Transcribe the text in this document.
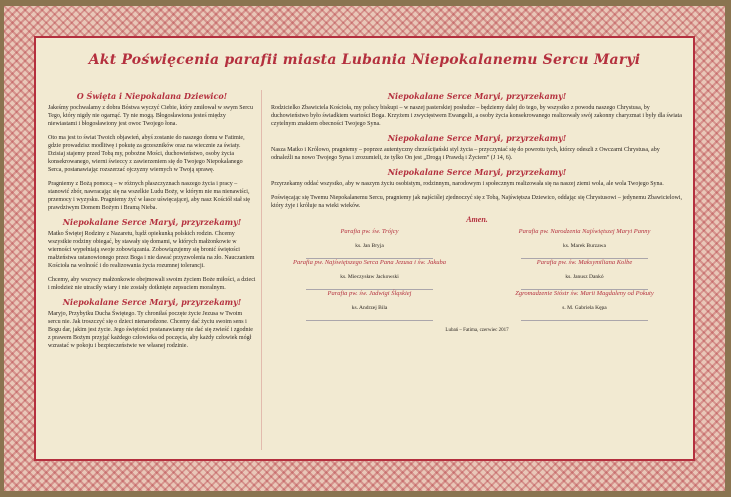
Akt Poświęcenia parafii miasta Lubania Niepokalanemu Sercu Maryi
O Święta i Niepokalana Dziewico!

Jakeśmy pochwalamy z dobra Bóstwa wyczyć Ciebie, który zmiłował w swym Sercu Tego, który nigdy nie ogarnąć. Ty nie mogą. Błogosławiona jesteś między niewiastami i błogosławiony jest owoc Twojego łona.

Oto ma jest to świat Twoich objawień, abyś zostanie do naszego domu w Fatimie, gdzie prowadzisz modlitwę i pokutę za grzeszników oraz na wiecznie za światy. Dzisiaj stajemy przed Tobą my, pobożne Mości, duchowieństwo, osoby życia konsekrowanego, wierni świeccy z zawierzeniem się do Twojego Niepokalanego Serca, postanawiając rozszerzać ojczyzny wiernych w Twoją sprawę.

Pragniemy z Bożą pomocą – w różnych płaszczyznach naszego życia i pracy – stanowić zbór, nawracając się na wszelkie Ludu Boży, w którym nie ma nienawiści, przemocy i wyzysku. Pragniemy żyć w łasce uświęcającej, aby nasz Kościół stał się prawdziwym Domem Bożym i Bramą Nieba.

Niepokalane Serce Maryi, przyrzekamy!

Matko Świętej Rodziny z Nazaretu, bądź opiekunką polskich rodzin. Chcemy wszystkie rodziny obiegać, by stawały się domami, w których małżonkowie w wierności wypełniają swoje zobowiązania. Zobowiązujemy się bronić świętości małżeństwa ustanowionego przez Boga i nie dawać przyzwolenia na zło. Nauczaniem Kościoła na wolność i do realizowania życia rozumnej tolerancji.

Chcemy, aby wszyscy małżonkowie obejmowali swoim życiem Boże miłości, a dzieci i młodzież nie utraciły wiary i nie zostały dotknięte zepsuciem moralnym.

Niepokalane Serce Maryi, przyrzekamy!

Maryjo, Przybytku Ducha Świętego. Ty chroniłaś poczęte życie Jezusa w Twoim sercu nie. Jak troszczyć się o dzieci nienarodzone. Chcemy dać życiu swoim sens i Bogu dar, jakim jest życie. Jego świętości postanawiamy nie dać się zwieść i zgodnie z prawem Bożym przyjąć każdego człowieka od poczęcia, aby każdy człowiek mógł wzrastać w pokoju i bezpieczeństwie we własnej rodzinie.

Niepokalane Serce Maryi, przyrzekamy!

Rodzicielko Zbawiciela Kościoła, my polscy biskupi – w naszej pasterskiej posłudze – będziemy dalej do tego, by wszystko z powodu naszego Chrystusa, by duchowieństwo było świadkiem wartości Boga. Krzyżem i zwycięstwem Ewangelii, a osoby życia konsekrowanego realizowały swój zakonny charyzmat i były dla świata czytelnym znakiem obecności Twojego Syna.

Niepokalane Serce Maryi, przyrzekamy!

Nasza Matko i Królowo, pragniemy – poprzez autentyczny chrześcijański styl życia – przyczyniać się do powrotu tych, którzy odeszli z Owczarni Chrystusa, aby odnaleźli na nowo Twojego Syna i zrozumieli, że tylko On jest „Drogą i Prawdą i Życiem” (J 14, 6).

Niepokalane Serce Maryi, przyrzekamy!

Przyrzekamy oddać wszystko, aby w naszym życiu osobistym, rodzinnym, narodowym i społecznym realizowała się na naszej ziemi wola, ale wola Twojego Syna.

Poświęcając się Twemu Niepokalanemu Sercu, pragniemy jak najściślej zjednoczyć się z Tobą, Najświętsza Dziewico, oddając się Chrystusowi – jedynemu Zbawicielowi, który żyje i króluje na wieki wieków.

Amen.
Parafia pw. św. Trójcy	Parafia pw. Narodzenia Najświętszej Maryi Panny
ks. Jan Bryja
Parafia pw. Najświętszego Serca Pana Jezusa i św. Jakuba
ks. Marek Burzawa
Parafia pw. św. Maksymiliana Kolbe
ks. Mieczysław Jackowski
Parafia pw. św. Jadwigi Śląskiej
ks. Janusz Dankó
Zgromadzenie Sióstr św. Marii Magdaleny od Pokuty
ks. Andrzej Bila	s. M. Gabriela Kępa
Lubań – Fatima, czerwiec 2017
